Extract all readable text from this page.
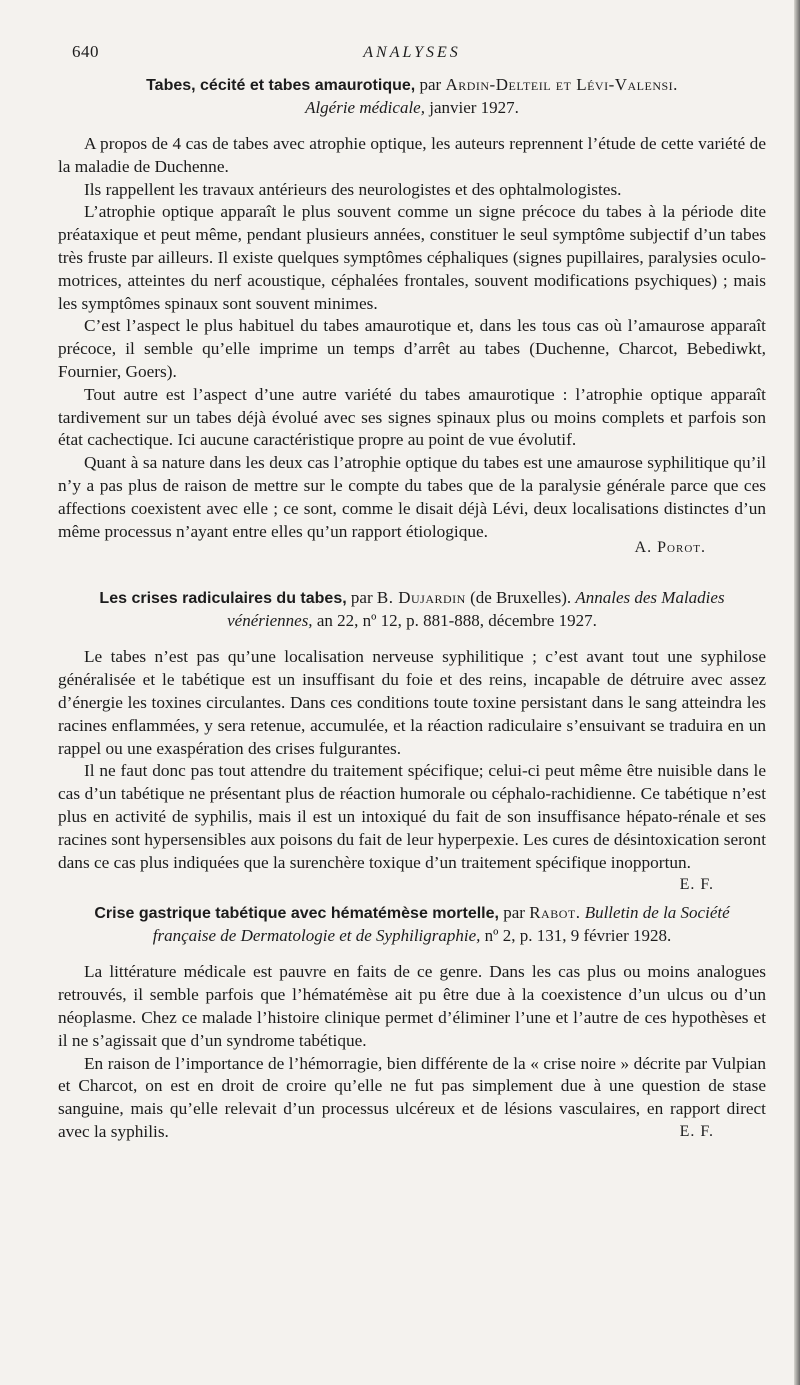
640	ANALYSES

Tabes, cécité et tabes amaurotique, par Ardin-Delteil et Lévi-Valensi.
Algérie médicale, janvier 1927.

A propos de 4 cas de tabes avec atrophie optique, les auteurs reprennent l’étude de cette variété de la maladie de Duchenne.

Ils rappellent les travaux antérieurs des neurologistes et des ophtalmologistes.

L’atrophie optique apparaît le plus souvent comme un signe précoce du tabes à la période dite préataxique et peut même, pendant plusieurs années, constituer le seul symptôme subjectif d’un tabes très fruste par ailleurs. Il existe quelques symptômes céphaliques (signes pupillaires, paralysies oculo-motrices, atteintes du nerf acoustique, céphalées frontales, souvent modifications psychiques) ; mais les symptômes spinaux sont souvent minimes.

C’est l’aspect le plus habituel du tabes amaurotique et, dans les tous cas où l’amaurose apparaît précoce, il semble qu’elle imprime un temps d’arrêt au tabes (Duchenne, Charcot, Bebediwkt, Fournier, Goers).

Tout autre est l’aspect d’une autre variété du tabes amaurotique : l’atrophie optique apparaît tardivement sur un tabes déjà évolué avec ses signes spinaux plus ou moins complets et parfois son état cachectique. Ici aucune caractéristique propre au point de vue évolutif.

Quant à sa nature dans les deux cas l’atrophie optique du tabes est une amaurose syphilitique qu’il n’y a pas plus de raison de mettre sur le compte du tabes que de la paralysie générale parce que ces affections coexistent avec elle ; ce sont, comme le disait déjà Lévi, deux localisations distinctes d’un même processus n’ayant entre elles qu’un rapport étiologique.

A. Porot.

Les crises radiculaires du tabes, par B. Dujardin (de Bruxelles). Annales des Maladies vénériennes, an 22, nº 12, p. 881-888, décembre 1927.

Le tabes n’est pas qu’une localisation nerveuse syphilitique ; c’est avant tout une syphilose généralisée et le tabétique est un insuffisant du foie et des reins, incapable de détruire avec assez d’énergie les toxines circulantes. Dans ces conditions toute toxine persistant dans le sang atteindra les racines enflammées, y sera retenue, accumulée, et la réaction radiculaire s’ensuivant se traduira en un rappel ou une exaspération des crises fulgurantes.

Il ne faut donc pas tout attendre du traitement spécifique; celui-ci peut même être nuisible dans le cas d’un tabétique ne présentant plus de réaction humorale ou céphalo-rachidienne. Ce tabétique n’est plus en activité de syphilis, mais il est un intoxiqué du fait de son insuffisance hépato-rénale et ses racines sont hypersensibles aux poisons du fait de leur hyperpexie. Les cures de désintoxication seront dans ce cas plus indiquées que la surenchère toxique d’un traitement spécifique inopportun.
E. F.

Crise gastrique tabétique avec hématémèse mortelle, par Rabot. Bulletin de la Société française de Dermatologie et de Syphiligraphie, nº 2, p. 131, 9 février 1928.

La littérature médicale est pauvre en faits de ce genre. Dans les cas plus ou moins analogues retrouvés, il semble parfois que l’hématémèse ait pu être due à la coexistence d’un ulcus ou d’un néoplasme. Chez ce malade l’histoire clinique permet d’éliminer l’une et l’autre de ces hypothèses et il ne s’agissait que d’un syndrome tabétique.

En raison de l’importance de l’hémorragie, bien différente de la « crise noire » décrite par Vulpian et Charcot, on est en droit de croire qu’elle ne fut pas simplement due à une question de stase sanguine, mais qu’elle relevait d’un processus ulcéreux et de lésions vasculaires, en rapport direct avec la syphilis.	E. F.
